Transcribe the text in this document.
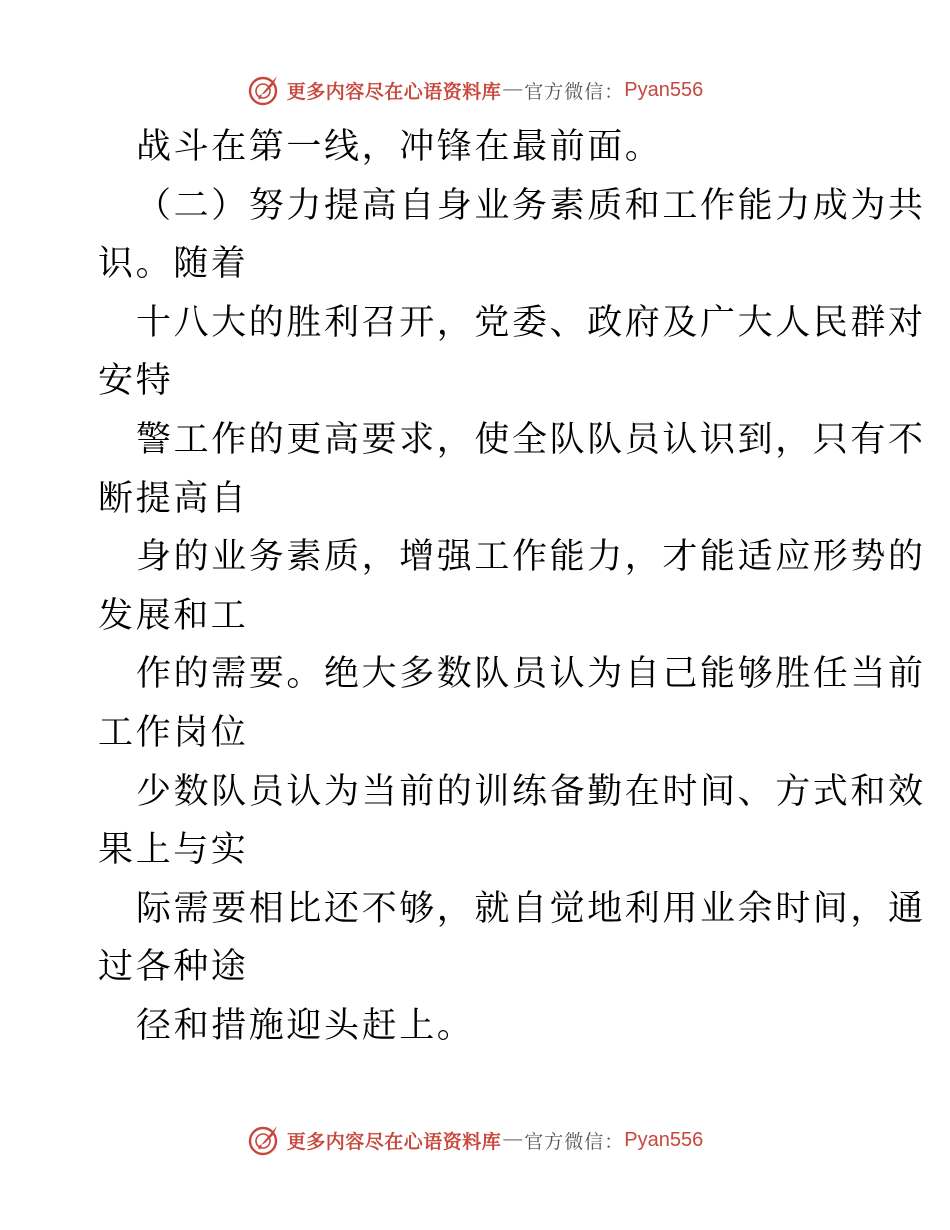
更多内容尽在心语资料库 — 官方微信： Pyan556
战斗在第一线，冲锋在最前面。
（二）努力提高自身业务素质和工作能力成为共
识。随着
十八大的胜利召开，党委、政府及广大人民群对
安特
警工作的更高要求，使全队队员认识到，只有不
断提高自
身的业务素质，增强工作能力，才能适应形势的
发展和工
作的需要。绝大多数队员认为自己能够胜任当前
工作岗位
少数队员认为当前的训练备勤在时间、方式和效
果上与实
际需要相比还不够，就自觉地利用业余时间，通
过各种途
径和措施迎头赶上。
更多内容尽在心语资料库 — 官方微信： Pyan556
